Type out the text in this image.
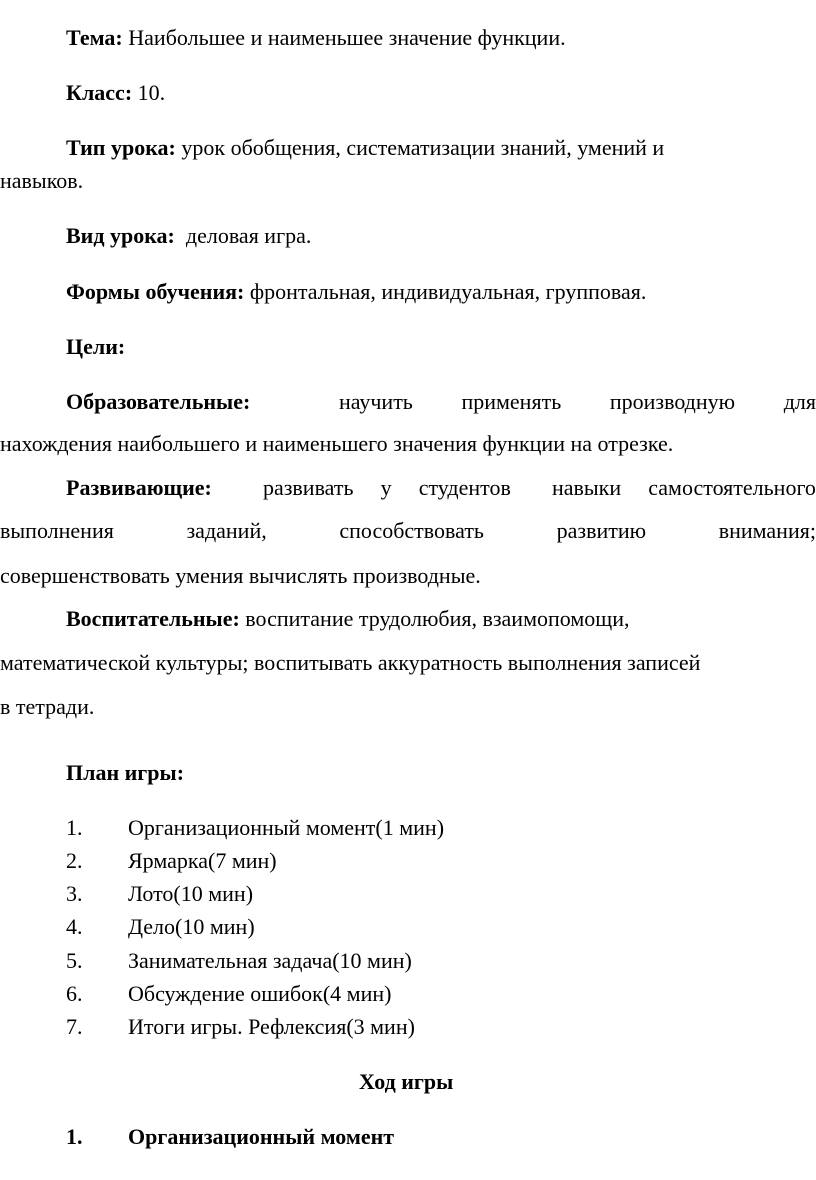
Тема: Наибольшее и наименьшее значение функции.
Класс: 10.
Тип урока: урок обобщения, систематизации знаний, умений и
навыков.
Вид урока:  деловая игра.
Формы обучения: фронтальная, индивидуальная, групповая.
Цели:
Образовательные:	научить применять производную для
нахождения наибольшего и наименьшего значения функции на отрезке.
Развивающие: развивать у студентов навыки самостоятельного
выполнения	заданий,	способствовать	развитию	внимания;
совершенствовать умения вычислять производные.
Воспитательные: воспитание трудолюбия, взаимопомощи,
математической культуры; воспитывать аккуратность выполнения записей
в тетради.
План игры:
1. Организационный момент(1 мин)
2. Ярмарка(7 мин)
3. Лото(10 мин)
4. Дело(10 мин)
5. Занимательная задача(10 мин)
6. Обсуждение ошибок(4 мин)
7. Итоги игры. Рефлексия(3 мин)
Ход игры
1. Организационный момент
